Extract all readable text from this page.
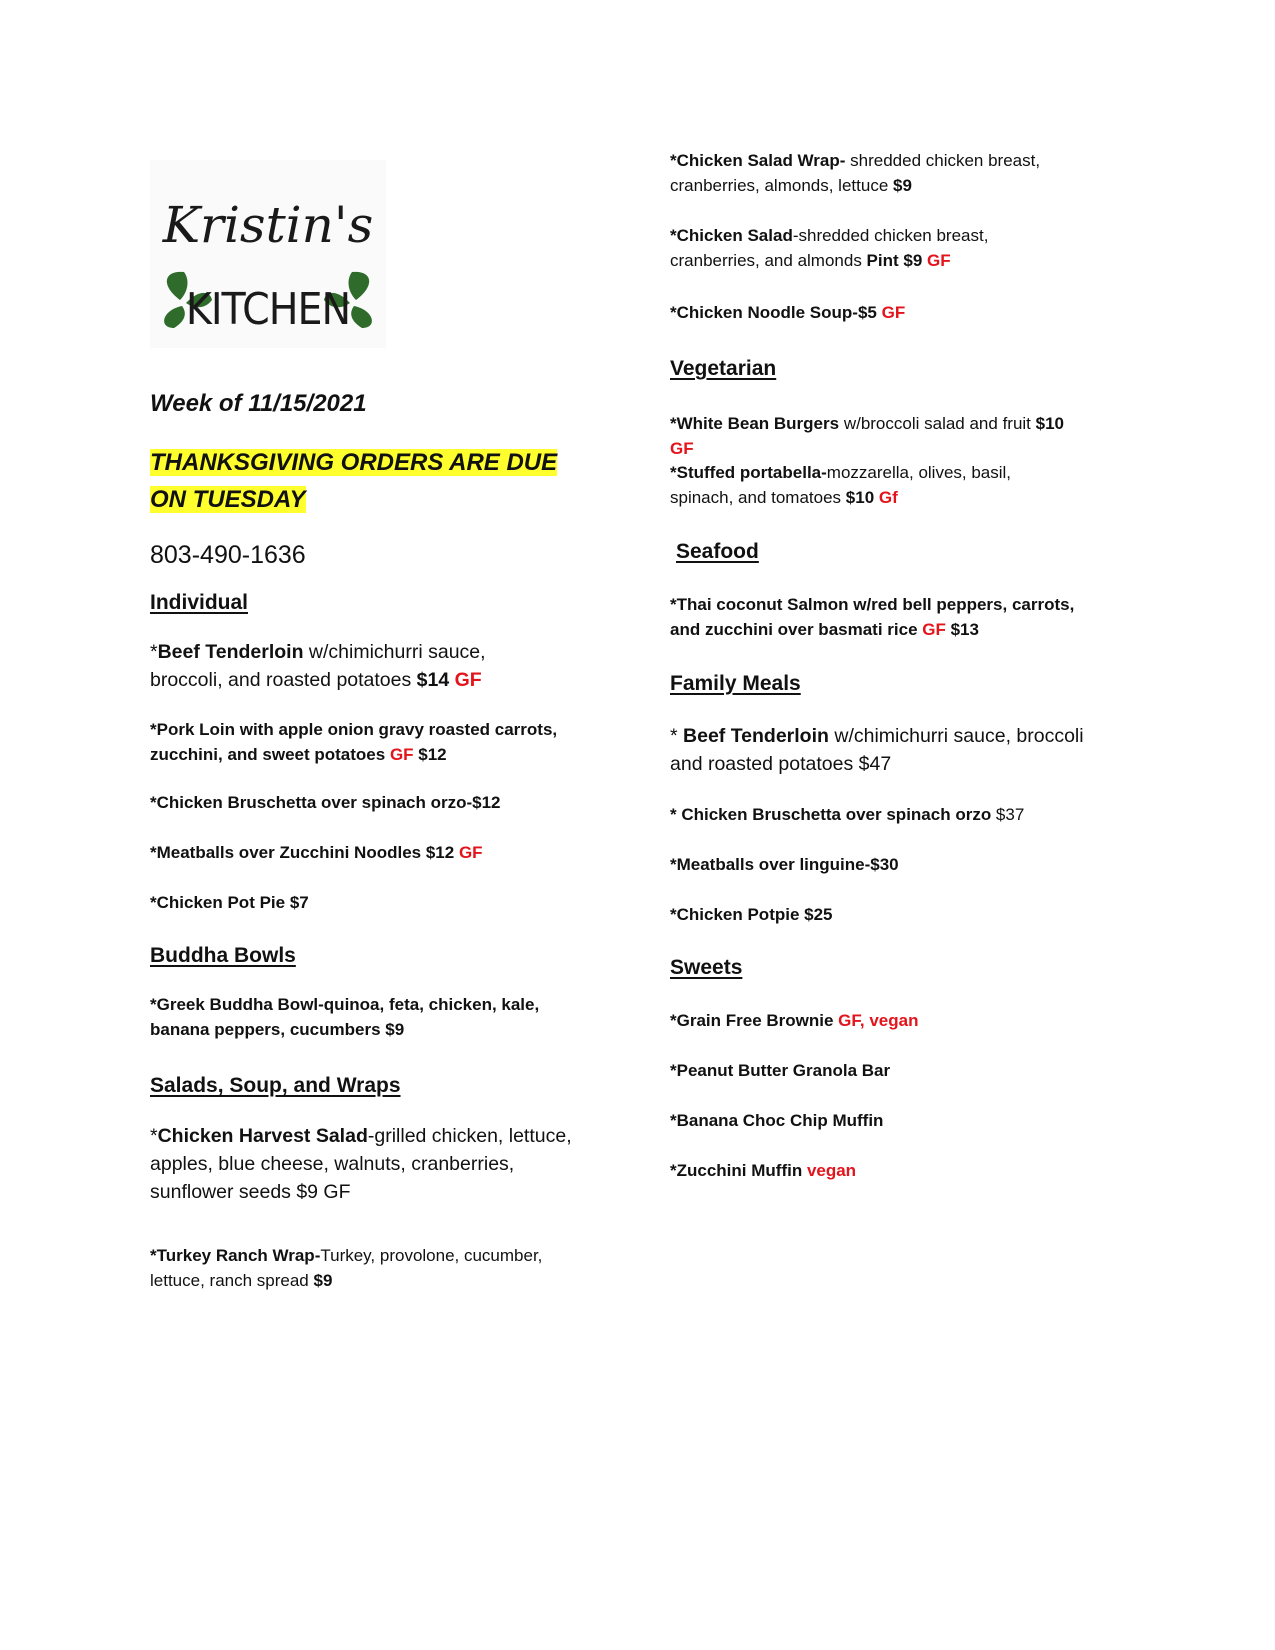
Kristin's
KITCHEN
Week of 11/15/2021
THANKSGIVING ORDERS ARE DUE
ON TUESDAY
803-490-1636
Individual
*Beef Tenderloin w/chimichurri sauce,
broccoli, and roasted potatoes $14 GF
*Pork Loin with apple onion gravy roasted carrots,
zucchini, and sweet potatoes GF $12
*Chicken Bruschetta over spinach orzo-$12
*Meatballs over Zucchini Noodles $12 GF
*Chicken Pot Pie $7
Buddha Bowls
*Greek Buddha Bowl-quinoa, feta, chicken, kale,
banana peppers, cucumbers $9
Salads, Soup, and Wraps
*Chicken Harvest Salad-grilled chicken, lettuce,
apples, blue cheese, walnuts, cranberries,
sunflower seeds $9 GF
*Turkey Ranch Wrap-Turkey, provolone, cucumber,
lettuce, ranch spread $9
*Chicken Salad Wrap- shredded chicken breast,
cranberries, almonds, lettuce $9
*Chicken Salad-shredded chicken breast,
cranberries, and almonds Pint $9 GF
*Chicken Noodle Soup-$5 GF
Vegetarian
*White Bean Burgers w/broccoli salad and fruit $10
GF
*Stuffed portabella-mozzarella, olives, basil,
spinach, and tomatoes $10 Gf
Seafood
*Thai coconut Salmon w/red bell peppers, carrots,
and zucchini over basmati rice GF $13
Family Meals
* Beef Tenderloin w/chimichurri sauce, broccoli
and roasted potatoes $47
* Chicken Bruschetta over spinach orzo $37
*Meatballs over linguine-$30
*Chicken Potpie $25
Sweets
*Grain Free Brownie GF, vegan
*Peanut Butter Granola Bar
*Banana Choc Chip Muffin
*Zucchini Muffin vegan
